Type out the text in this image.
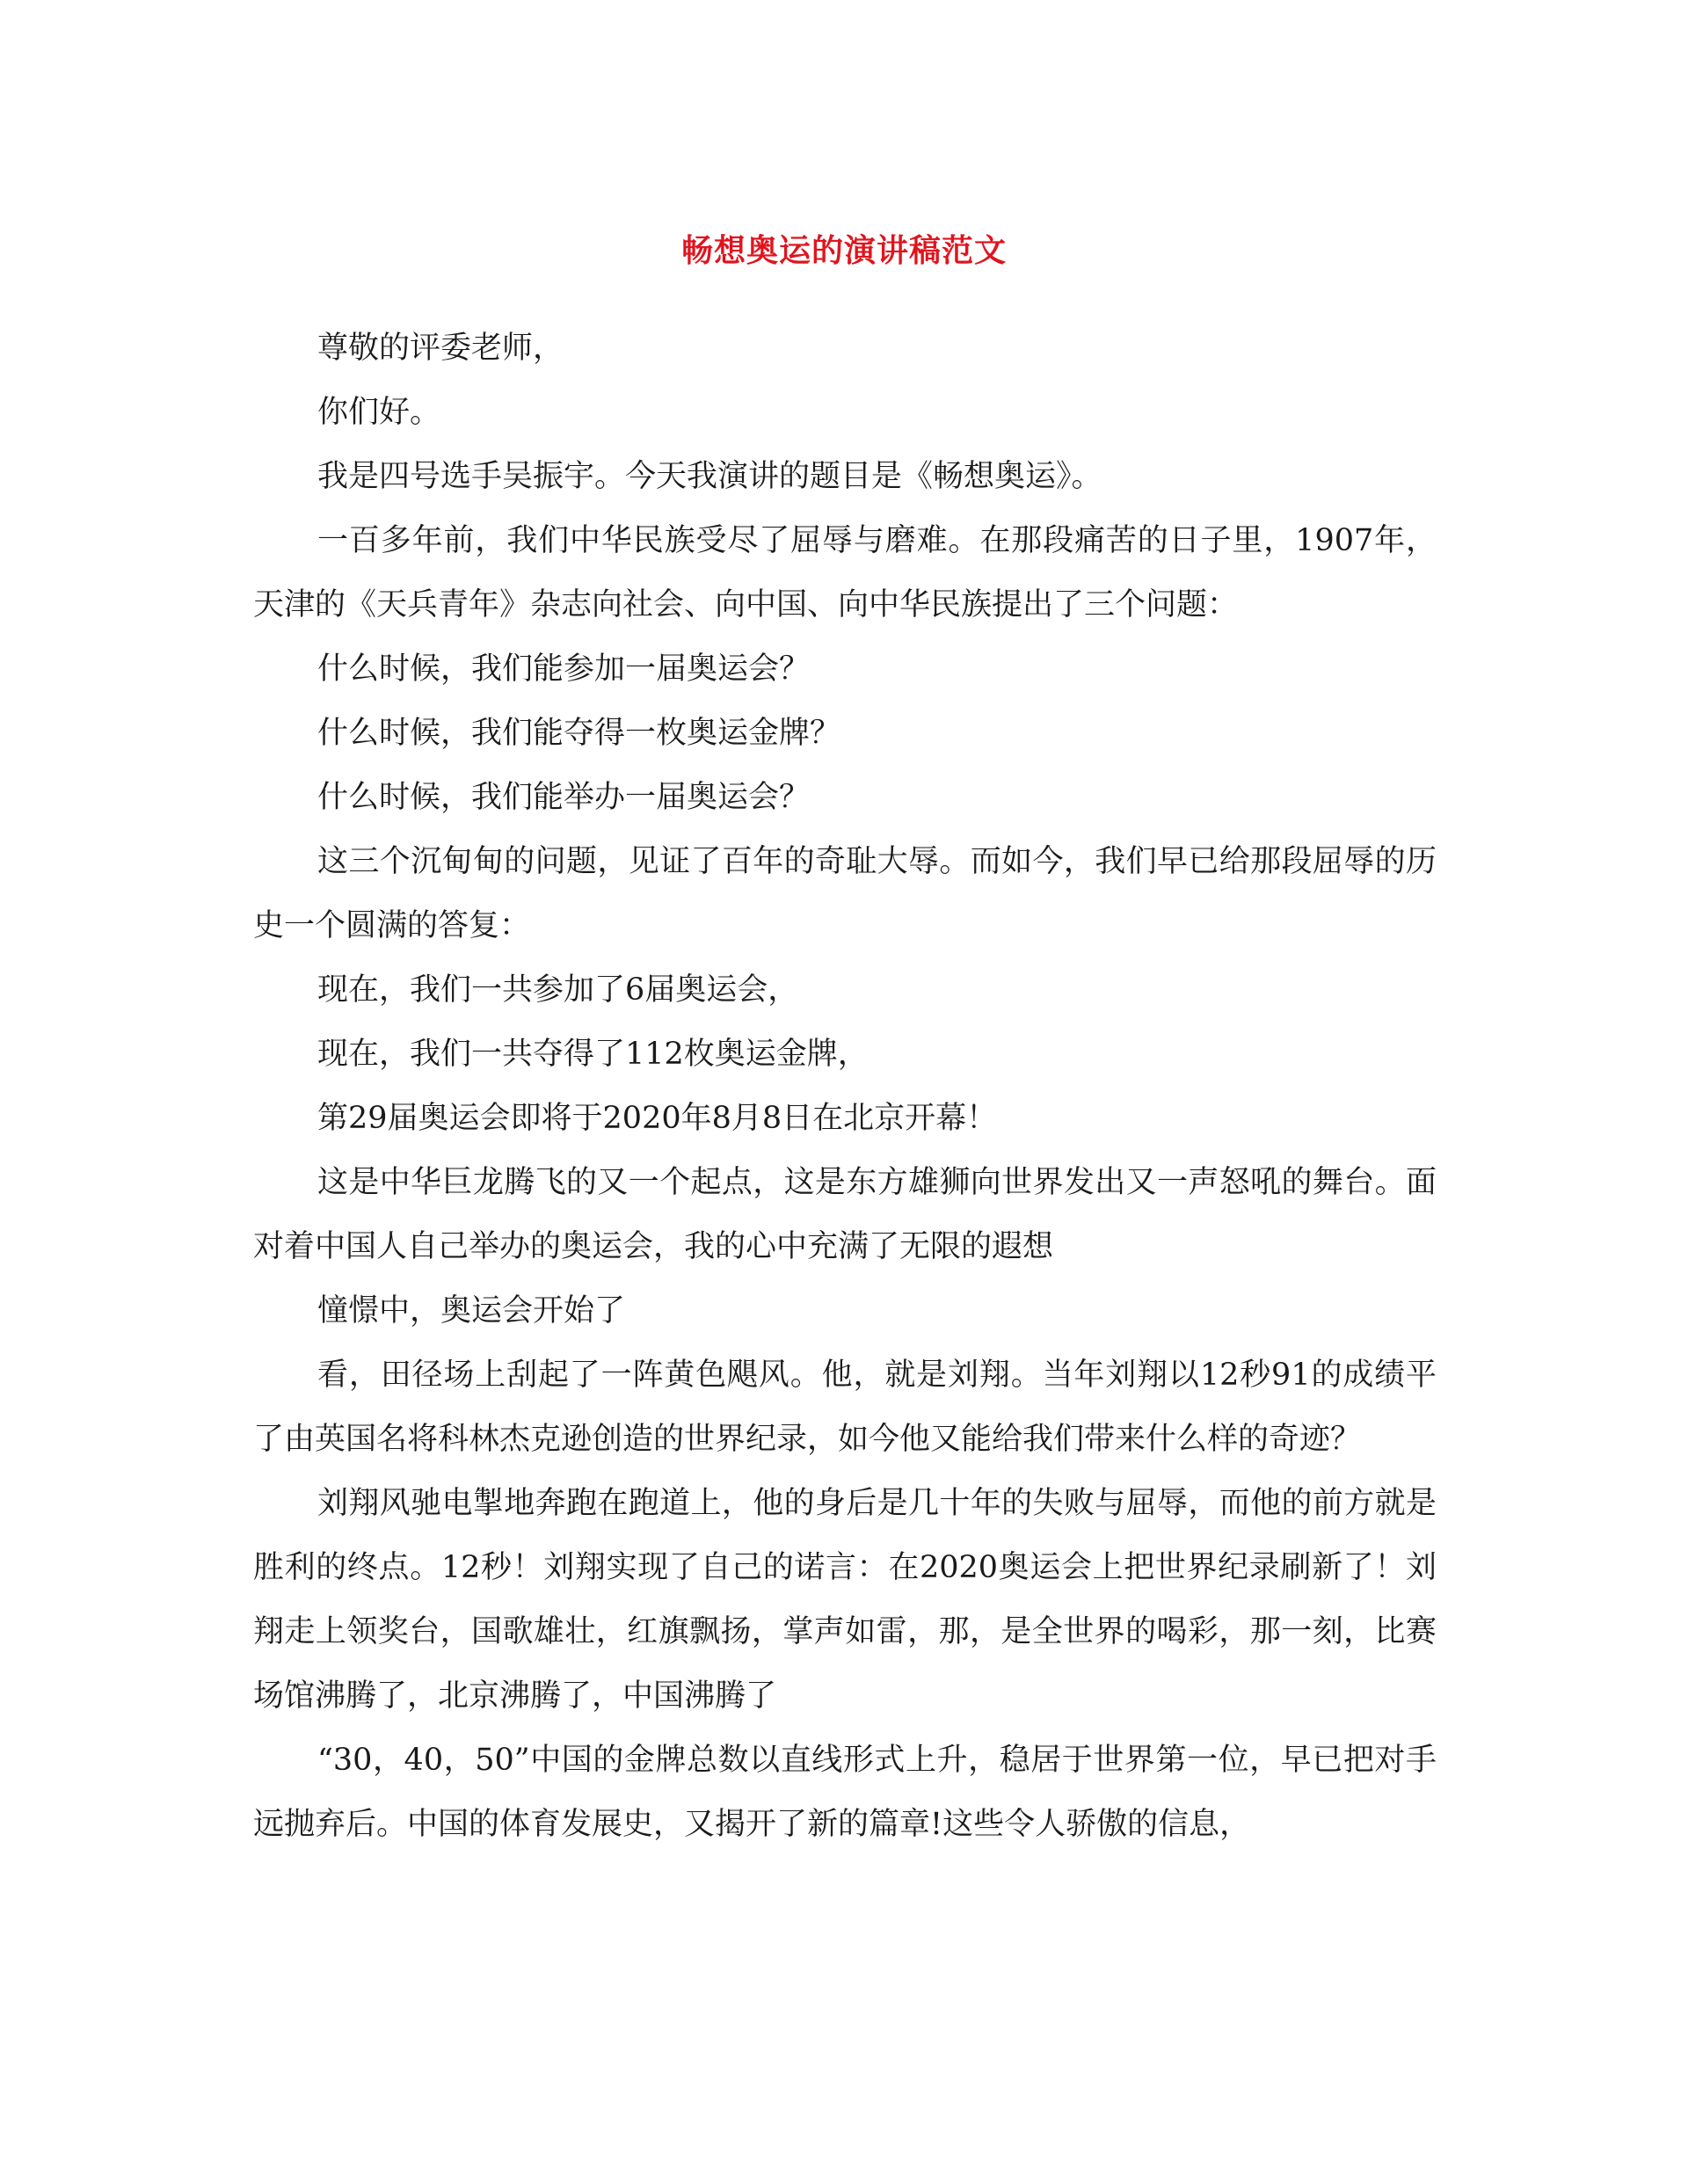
畅想奥运的演讲稿范文

尊敬的评委老师，

你们好。

我是四号选手吴振宇。今天我演讲的题目是《畅想奥运》。

一百多年前，我们中华民族受尽了屈辱与磨难。在那段痛苦的日子里，1907年，天津的《天兵青年》杂志向社会、向中国、向中华民族提出了三个问题：

什么时候，我们能参加一届奥运会？

什么时候，我们能夺得一枚奥运金牌？

什么时候，我们能举办一届奥运会？

这三个沉甸甸的问题，见证了百年的奇耻大辱。而如今，我们早已给那段屈辱的历史一个圆满的答复：

现在，我们一共参加了6届奥运会，

现在，我们一共夺得了112枚奥运金牌，

第29届奥运会即将于2020年8月8日在北京开幕！

这是中华巨龙腾飞的又一个起点，这是东方雄狮向世界发出又一声怒吼的舞台。面对着中国人自己举办的奥运会，我的心中充满了无限的遐想

憧憬中，奥运会开始了

看，田径场上刮起了一阵黄色飓风。他，就是刘翔。当年刘翔以12秒91的成绩平了由英国名将科林杰克逊创造的世界纪录，如今他又能给我们带来什么样的奇迹？

刘翔风驰电掣地奔跑在跑道上，他的身后是几十年的失败与屈辱，而他的前方就是胜利的终点。12秒！刘翔实现了自己的诺言：在2020奥运会上把世界纪录刷新了！刘翔走上领奖台，国歌雄壮，红旗飘扬，掌声如雷，那，是全世界的喝彩，那一刻，比赛场馆沸腾了，北京沸腾了，中国沸腾了

“30，40，50”中国的金牌总数以直线形式上升，稳居于世界第一位，早已把对手远抛弃后。中国的体育发展史，又揭开了新的篇章!这些令人骄傲的信息，
